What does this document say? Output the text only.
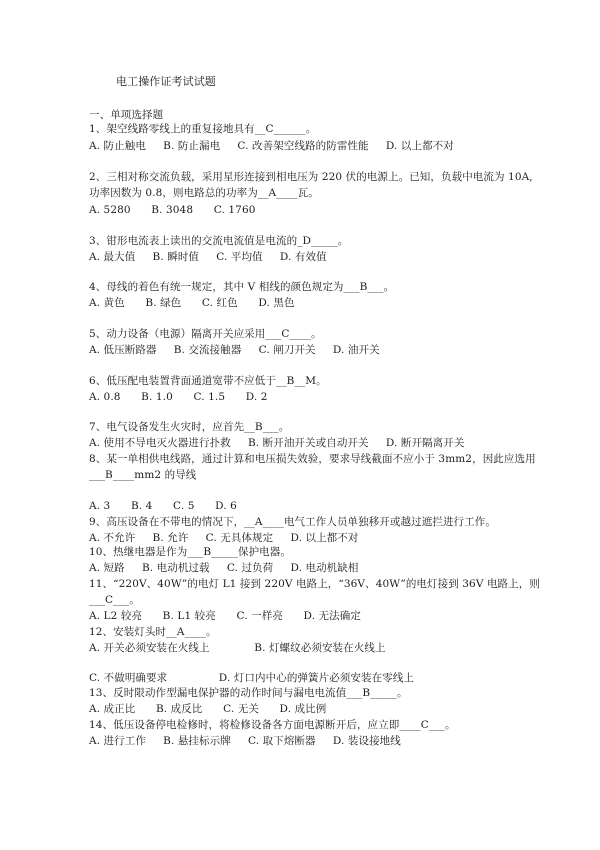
电工操作证考试试题

一、单项选择题

1、架空线路零线上的重复接地具有__C______。

A. 防止触电     B. 防止漏电     C. 改善架空线路的防雷性能     D. 以上都不对

2、三相对称交流负载，采用星形连接到相电压为 220 伏的电源上。已知，负载中电流为 10A,

功率因数为 0.8，则电路总的功率为__A____瓦。

A. 5280      B. 3048      C. 1760

3、钳形电流表上读出的交流电流值是电流的_D_____。

A. 最大值     B. 瞬时值     C. 平均值     D. 有效值

4、母线的着色有统一规定，其中 V 相线的颜色规定为___B___。

A. 黄色      B. 绿色      C. 红色      D. 黑色

5、动力设备（电源）隔离开关应采用___C____。

A. 低压断路器     B. 交流接触器     C. 闸刀开关     D. 油开关

6、低压配电装置背面通道宽带不应低于__B__M。

A. 0.8      B. 1.0      C. 1.5      D. 2

7、电气设备发生火灾时，应首先__B___。

A. 使用不导电灭火器进行扑救     B. 断开油开关或自动开关     D. 断开隔离开关

8、某一单相供电线路，通过计算和电压损失效验，要求导线截面不应小于 3mm2，因此应选用

___B____mm2 的导线

A. 3      B. 4      C. 5      D. 6

9、高压设备在不带电的情况下，__A____电气工作人员单独移开或越过遮拦进行工作。

A. 不允许     B. 允许     C. 无具体规定     D. 以上都不对

10、热继电器是作为___B_____保护电器。

A. 短路     B. 电动机过载     C. 过负荷     D. 电动机缺相

11、“220V、40W”的电灯 L1 接到 220V 电路上，“36V、40W”的电灯接到 36V 电路上，则

___C___。

A. L2 较亮      B. L1 较亮      C. 一样亮      D. 无法确定

12、安装灯头时__A____。

A. 开关必须安装在火线上             B. 灯螺纹必须安装在火线上

C. 不做明确要求               D. 灯口内中心的弹簧片必须安装在零线上

13、反时限动作型漏电保护器的动作时间与漏电电流值___B_____。

A. 成正比      B. 成反比      C. 无关      D. 成比例

14、低压设备停电检修时，将检修设备各方面电源断开后，应立即____C___。

A. 进行工作     B. 悬挂标示牌     C. 取下熔断器     D. 装设接地线
